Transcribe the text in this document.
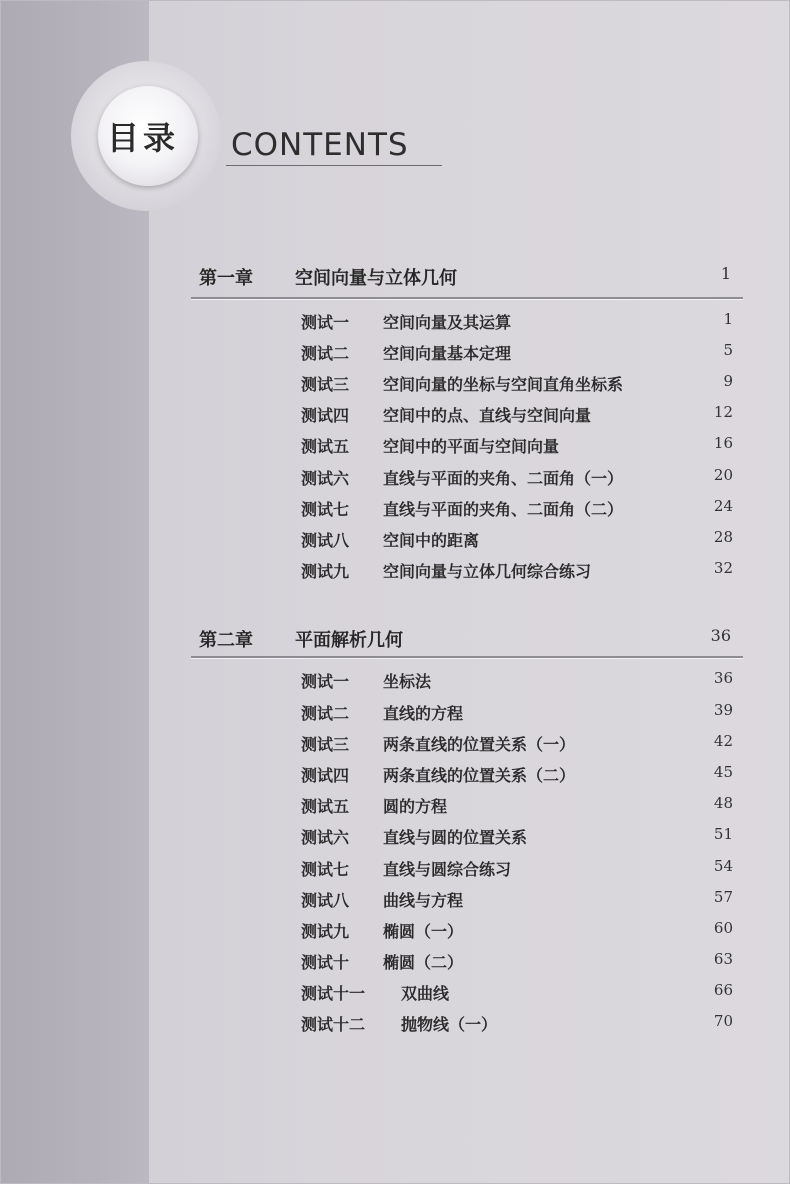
目录	CONTENTS
第一章 空间向量与立体几何	1
测试一 空间向量及其运算	1
测试二 空间向量基本定理	5
测试三 空间向量的坐标与空间直角坐标系	9
测试四 空间中的点、直线与空间向量	12
测试五 空间中的平面与空间向量	16
测试六 直线与平面的夹角、二面角（一）	20
测试七 直线与平面的夹角、二面角（二）	24
测试八 空间中的距离	28
测试九 空间向量与立体几何综合练习	32
第二章 平面解析几何	36
测试一 坐标法	36
测试二 直线的方程	39
测试三 两条直线的位置关系（一）	42
测试四 两条直线的位置关系（二）	45
测试五 圆的方程	48
测试六 直线与圆的位置关系	51
测试七 直线与圆综合练习	54
测试八 曲线与方程	57
测试九 椭圆（一）	60
测试十 椭圆（二）	63
测试十一 双曲线	66
测试十二 抛物线（一）	70
